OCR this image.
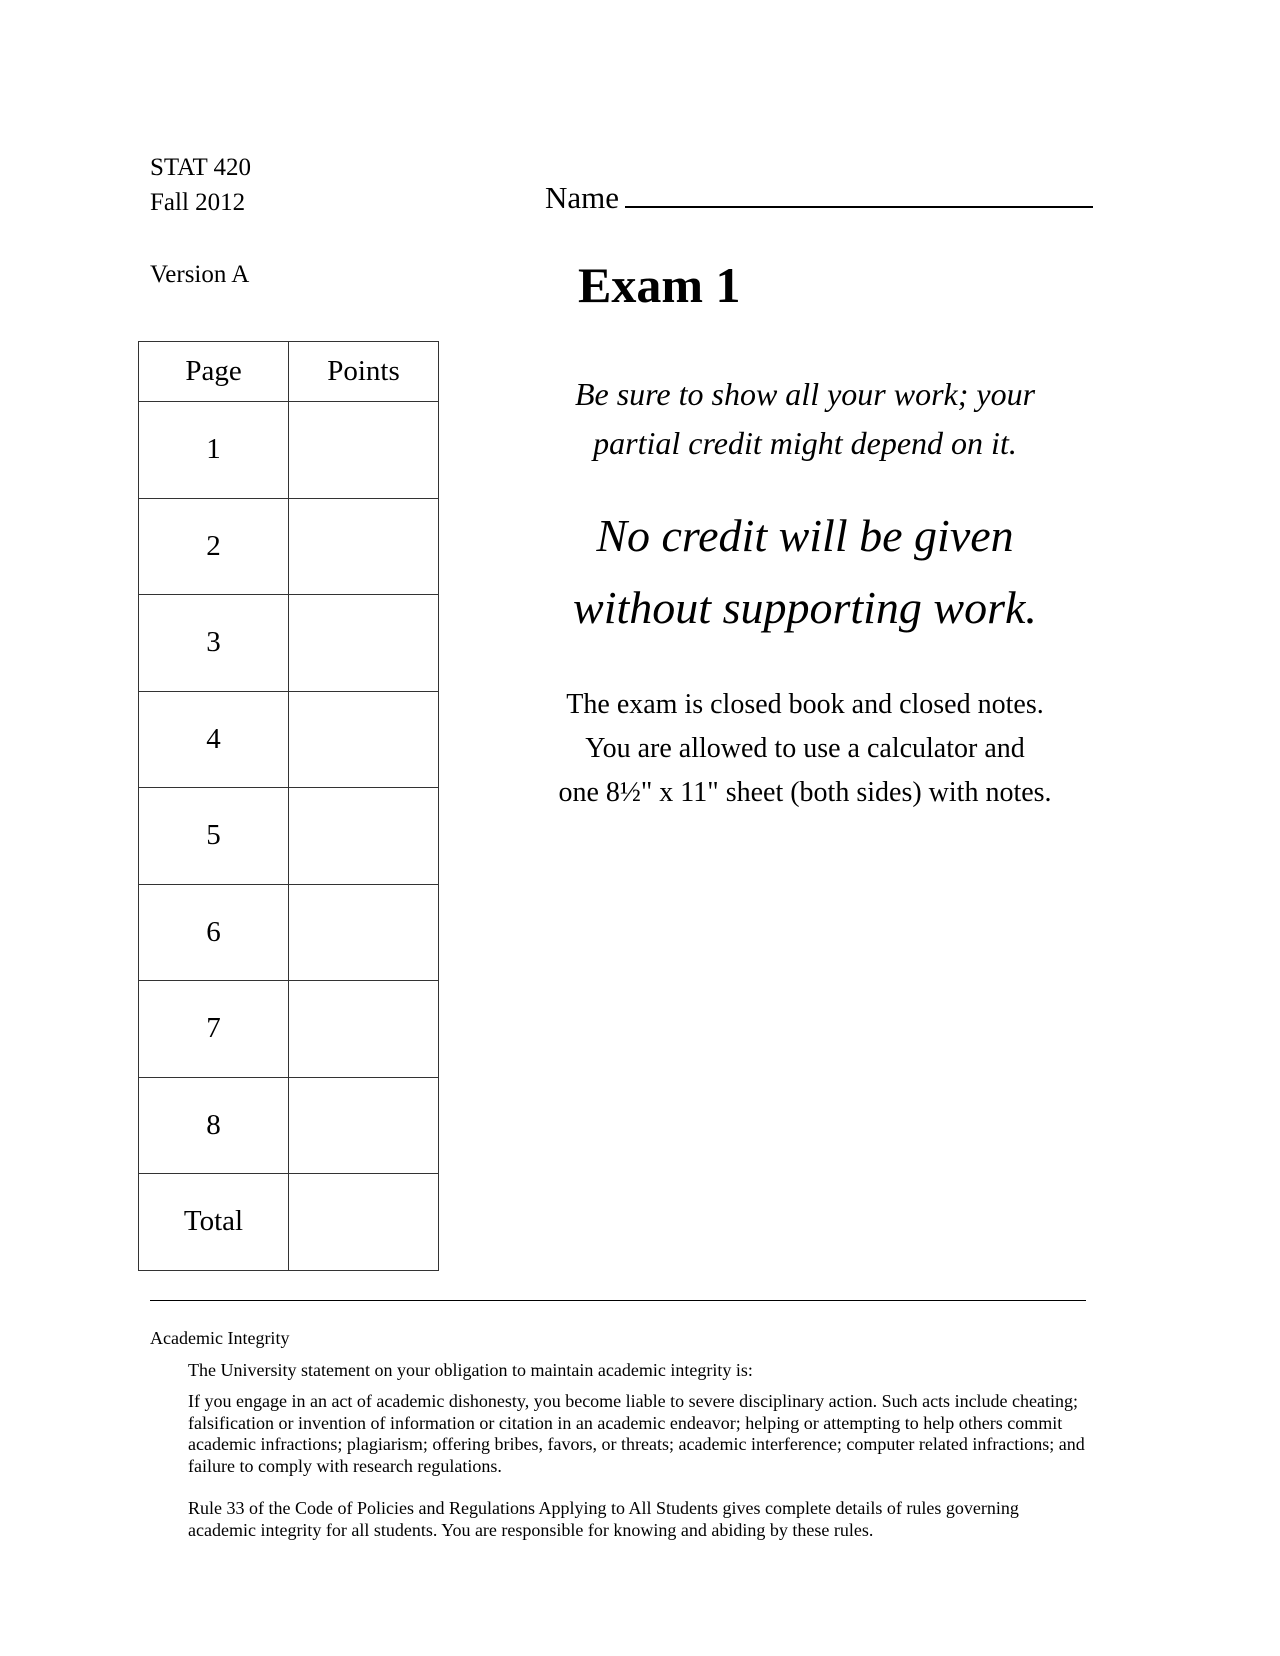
STAT 420
Fall 2012
Version A
Name
Exam 1
Page	Points
1	
2	
3	
4	
5	
6	
7	
8	
Total	
Be sure to show all your work; your
partial credit might depend on it.
No credit will be given
without supporting work.
The exam is closed book and closed notes.
You are allowed to use a calculator and
one 8½" x 11" sheet (both sides) with notes.
Academic Integrity
The University statement on your obligation to maintain academic integrity is:
If you engage in an act of academic dishonesty, you become liable to severe disciplinary action. Such acts include cheating;
falsification or invention of information or citation in an academic endeavor; helping or attempting to help others commit
academic infractions; plagiarism; offering bribes, favors, or threats; academic interference; computer related infractions; and
failure to comply with research regulations.
Rule 33 of the Code of Policies and Regulations Applying to All Students gives complete details of rules governing
academic integrity for all students. You are responsible for knowing and abiding by these rules.
